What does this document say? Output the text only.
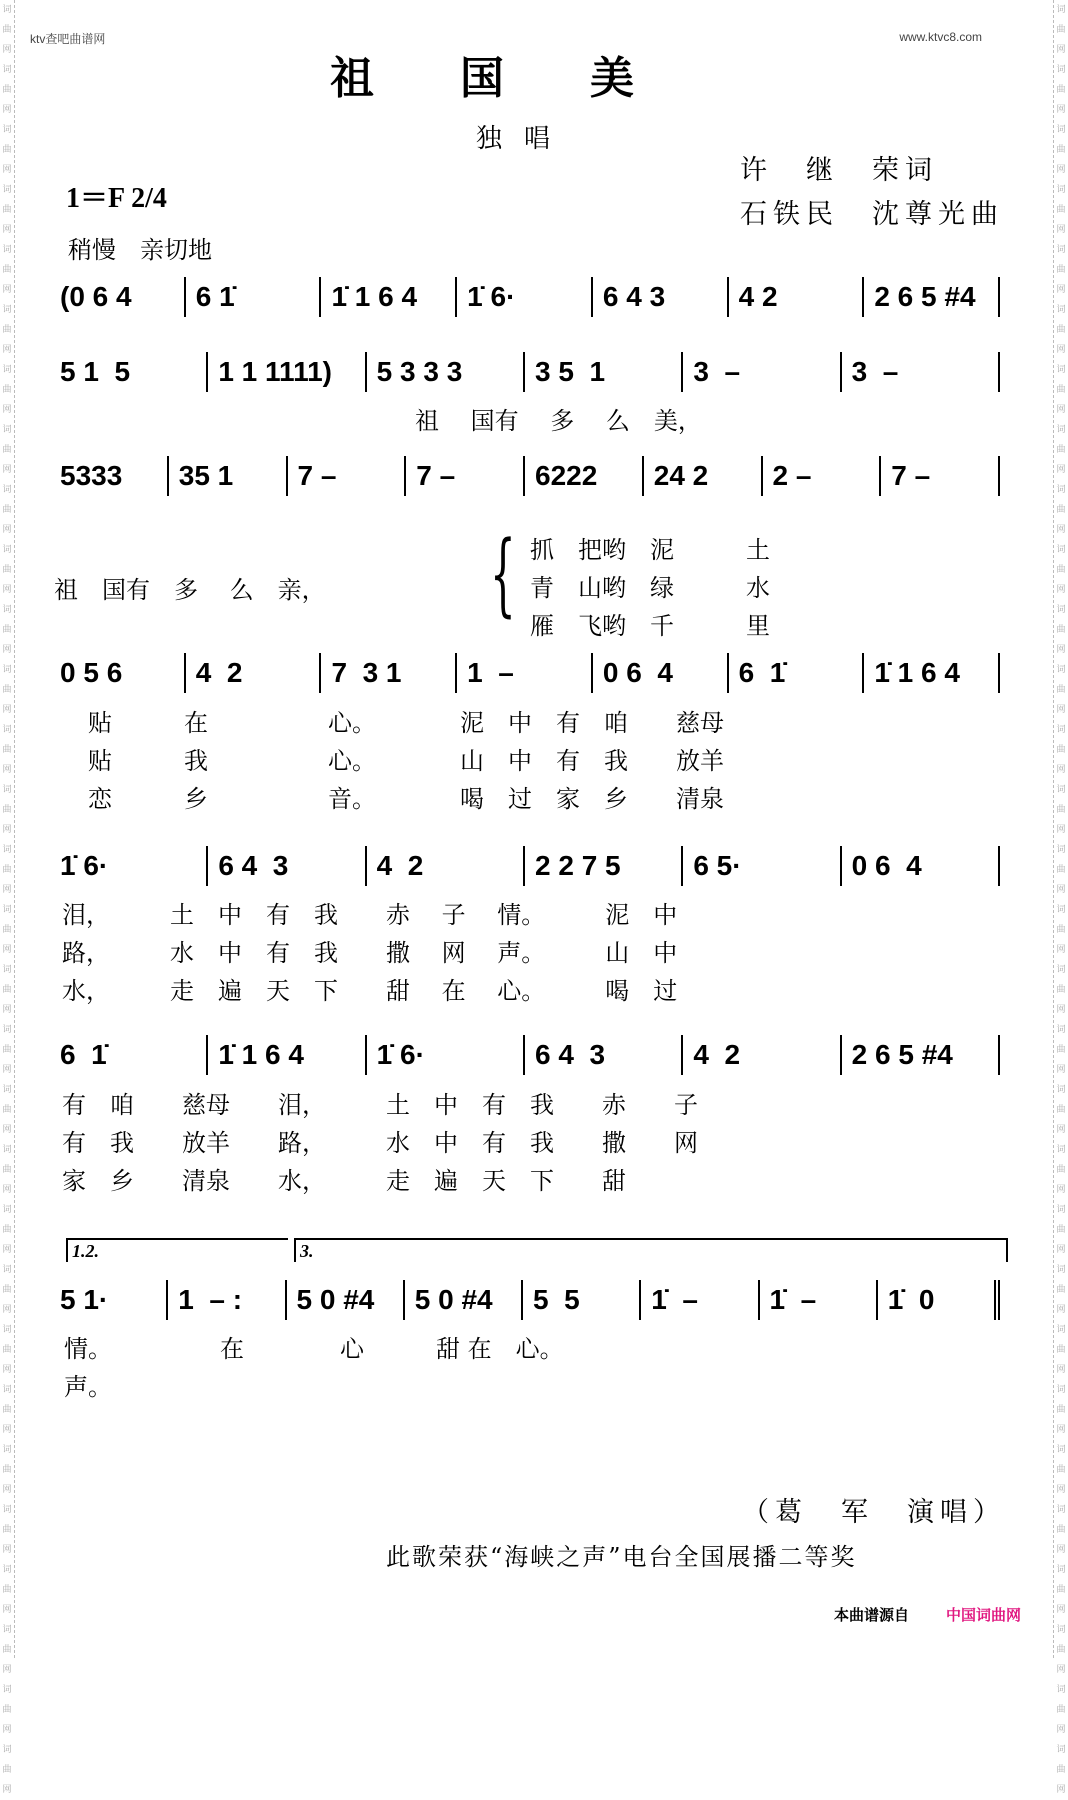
词曲网词曲网词曲网词曲网词曲网词曲网词曲网词曲网词曲网词曲网词曲网词曲网词曲网词曲网词曲网词曲网词曲网词曲网词曲网词曲网词曲网词曲网词曲网词曲网词曲网词曲网词曲网词曲网词曲网词曲网
词曲网词曲网词曲网词曲网词曲网词曲网词曲网词曲网词曲网词曲网词曲网词曲网词曲网词曲网词曲网词曲网词曲网词曲网词曲网词曲网词曲网词曲网词曲网词曲网词曲网词曲网词曲网词曲网词曲网词曲网
ktv查吧曲谱网	www.ktvc8.com
祖国美
独唱
许　继　荣词
石铁民　沈尊光曲
1＝F 2/4
稍慢　亲切地
(0 6 4	6 1̇	1̇ 1 6 4	1̇ 6·	6 4 3	4 2	2 6 5 #4
5 1  5	1 1 1111)	5 3 3 3	3 5  1	3  –	3  –
5333	35 1	7 –	7 –	6222	24 2	2 –	7 –
0 5 6	4  2	7  3 1	1  –	0 6  4	6  1̇	1̇ 1 6 4
1̇ 6·	6 4  3	4  2	2 2 7 5	6 5·	0 6  4
6  1̇	1̇ 1 6 4	1̇ 6·	6 4  3	4  2	2 6 5 #4
5 1·	1  – :	5 0 #4	5 0 #4	5  5	1̇  –	1̇  –	1̇  0
1.2.	3.
祖　 国有　 多　 么　美，
祖　国有　多　 么　亲， { 抓　把哟　泥　　　土
青　山哟　绿　　　水
雁　飞哟　千　　　里
贴　　　在　　　　　心。　　　　泥　中　有　咱　　慈母
贴　　　我　　　　　心。　　　　山　中　有　我　　放羊
恋　　　乡　　　　　音。　　　　喝　过　家　乡　　清泉
泪，　　　土　中　有　我　　赤　 子　 情。　　　泥　中
路，　　　水　中　有　我　　撒　 网　 声。　　　山　中
水，　　　走　遍　天　下　　甜　 在　 心。　　　喝　过
有　咱　　慈母　　泪，　　　土　中　有　我　　赤　　子
有　我　　放羊　　路，　　　水　中　有　我　　撒　　网
家　乡　　清泉　　水，　　　走　遍　天　下　　甜
情。　　　　　在　　　　心　　　甜 在　心。
声。
（葛　军　演唱）
此歌荣获“海峡之声”电台全国展播二等奖
本曲谱源自 中国词曲网
